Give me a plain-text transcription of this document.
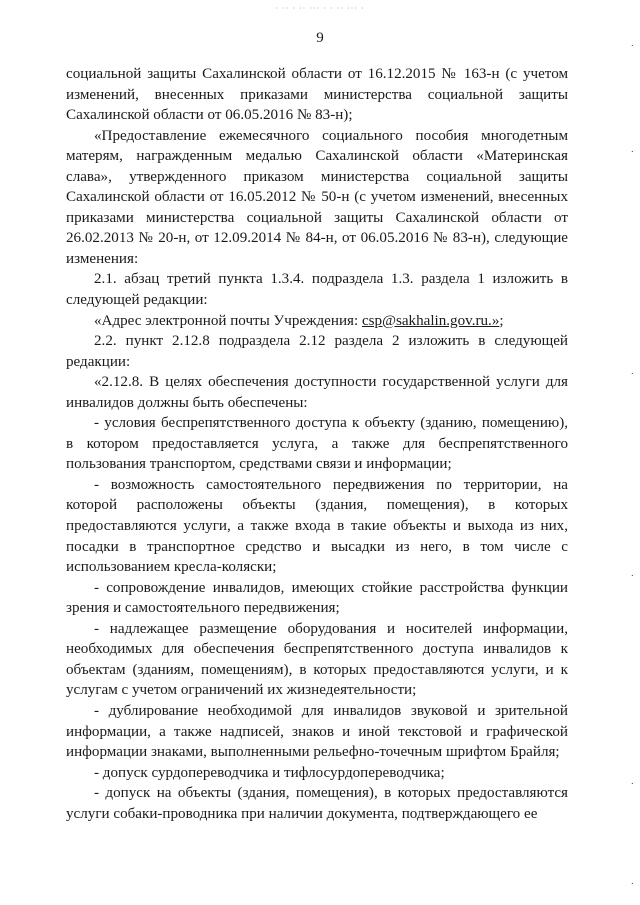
· ·· · ·· ··· · · ·· ··· ·
9

социальной защиты Сахалинской области от 16.12.2015 № 163-н (с учетом изменений, внесенных приказами министерства социальной защиты Сахалинской области от 06.05.2016 № 83-н);

«Предоставление ежемесячного социального пособия многодетным матерям, награжденным медалью Сахалинской области «Материнская слава», утвержденного приказом министерства социальной защиты Сахалинской области от 16.05.2012 № 50-н (с учетом изменений, внесенных приказами министерства социальной защиты Сахалинской области от 26.02.2013 № 20-н, от 12.09.2014 № 84-н, от 06.05.2016 № 83-н), следующие изменения:

2.1. абзац третий пункта 1.3.4. подраздела 1.3. раздела 1 изложить в следующей редакции:

«Адрес электронной почты Учреждения: csp@sakhalin.gov.ru.»;

2.2. пункт 2.12.8 подраздела 2.12 раздела 2 изложить в следующей редакции:

«2.12.8. В целях обеспечения доступности государственной услуги для инвалидов должны быть обеспечены:

- условия беспрепятственного доступа к объекту (зданию, помещению), в котором предоставляется услуга, а также для беспрепятственного пользования транспортом, средствами связи и информации;

- возможность самостоятельного передвижения по территории, на которой расположены объекты (здания, помещения), в которых предоставляются услуги, а также входа в такие объекты и выхода из них, посадки в транспортное средство и высадки из него, в том числе с использованием кресла-коляски;

- сопровождение инвалидов, имеющих стойкие расстройства функции зрения и самостоятельного передвижения;

- надлежащее размещение оборудования и носителей информации, необходимых для обеспечения беспрепятственного доступа инвалидов к объектам (зданиям, помещениям), в которых предоставляются услуги, и к услугам с учетом ограничений их жизнедеятельности;

- дублирование необходимой для инвалидов звуковой и зрительной информации, а также надписей, знаков и иной текстовой и графической информации знаками, выполненными рельефно-точечным шрифтом Брайля;

- допуск сурдопереводчика и тифлосурдопереводчика;

- допуск на объекты (здания, помещения), в которых предоставляются услуги собаки-проводника при наличии документа, подтверждающего ее

˙
˙
˙
˙
˙
˙
